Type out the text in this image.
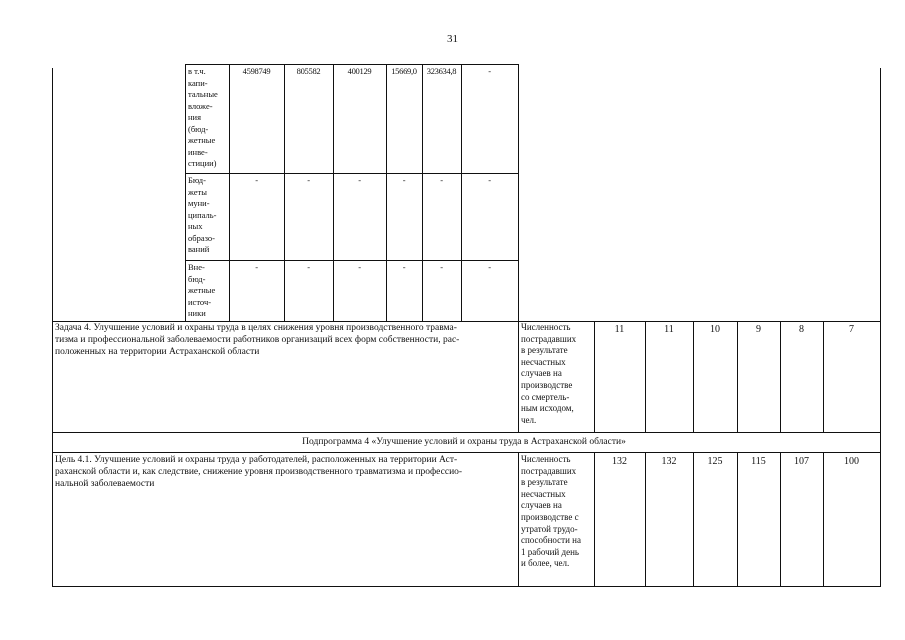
31
в т.ч.
капи-
тальные
вложе-
ния
(бюд-
жетные
инве-
стиции)
4598749	805582	400129	15669,0	323634,8	-
Бюд-
жеты
муни-
ципаль-
ных
образо-
ваний
-	-	-	-	-	-
Вне-
бюд-
жетные
источ-
ники
-	-	-	-	-	-
Задача 4. Улучшение условий и охраны труда в целях снижения уровня производственного травма-
тизма и профессиональной заболеваемости работников организаций всех форм собственности, рас-
положенных на территории Астраханской области
Численность
пострадавших
в результате
несчастных
случаев на
производстве
со смертель-
ным исходом,
чел.
11	11	10	9	8	7
Подпрограмма 4 «Улучшение условий и охраны труда в Астраханской области»
Цель 4.1. Улучшение условий и охраны труда у работодателей, расположенных на территории Аст-
раханской области и, как следствие, снижение уровня производственного травматизма и профессио-
нальной заболеваемости
Численность
пострадавших
в результате
несчастных
случаев на
производстве с
утратой трудо-
способности на
1 рабочий день
и более, чел.
132	132	125	115	107	100
